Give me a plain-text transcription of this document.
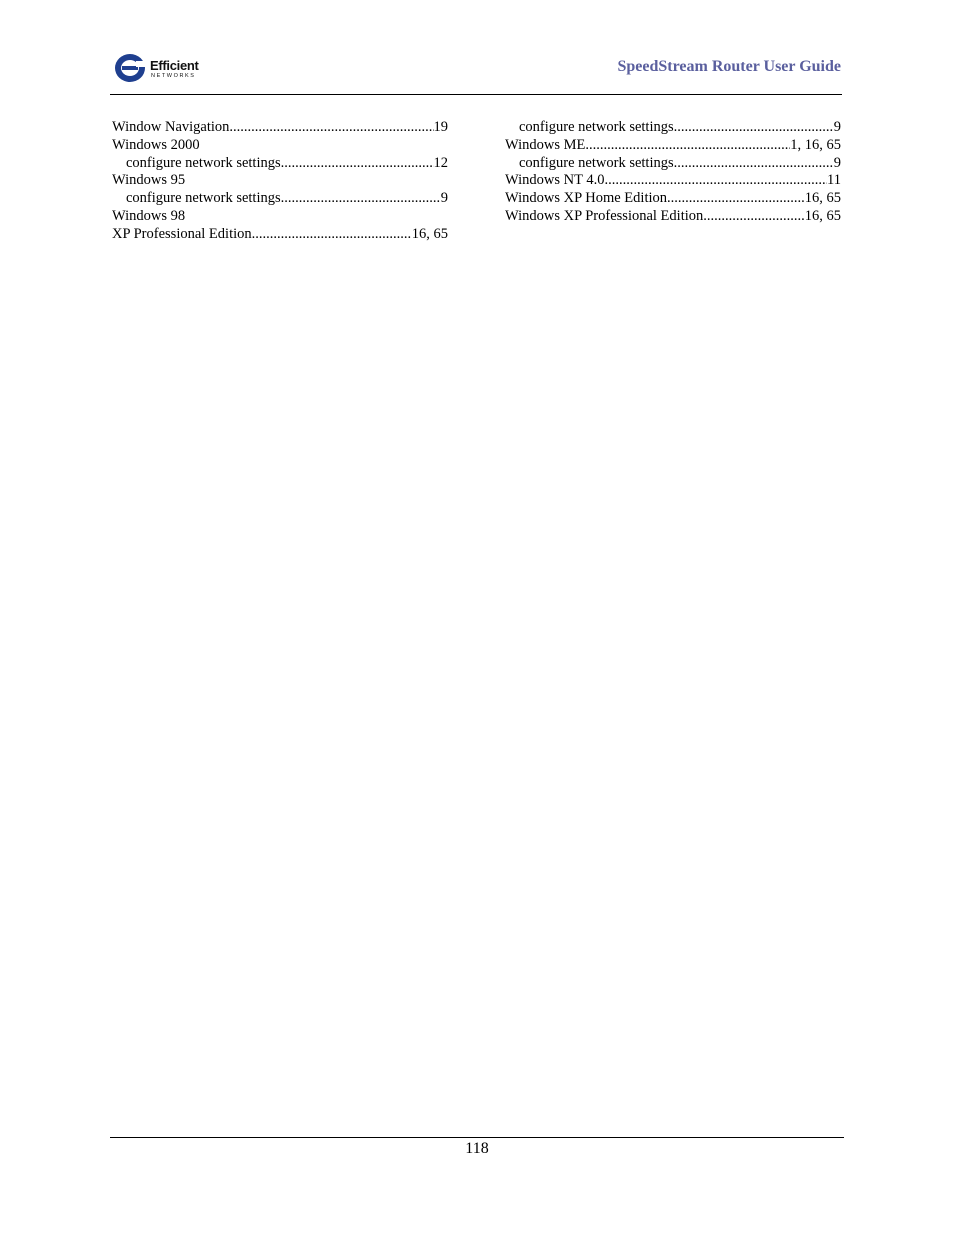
Efficient
NETWORKS
SpeedStream Router User Guide
Window Navigation .....	19
Windows 2000
configure network settings .....	12
Windows 95
configure network settings .....	9
Windows 98
XP Professional Edition .....	16, 65
configure network settings .....	9
Windows ME .....	1, 16, 65
configure network settings .....	9
Windows NT 4.0 .....	11
Windows XP Home Edition .....	16, 65
Windows XP Professional Edition .....	16, 65
118
